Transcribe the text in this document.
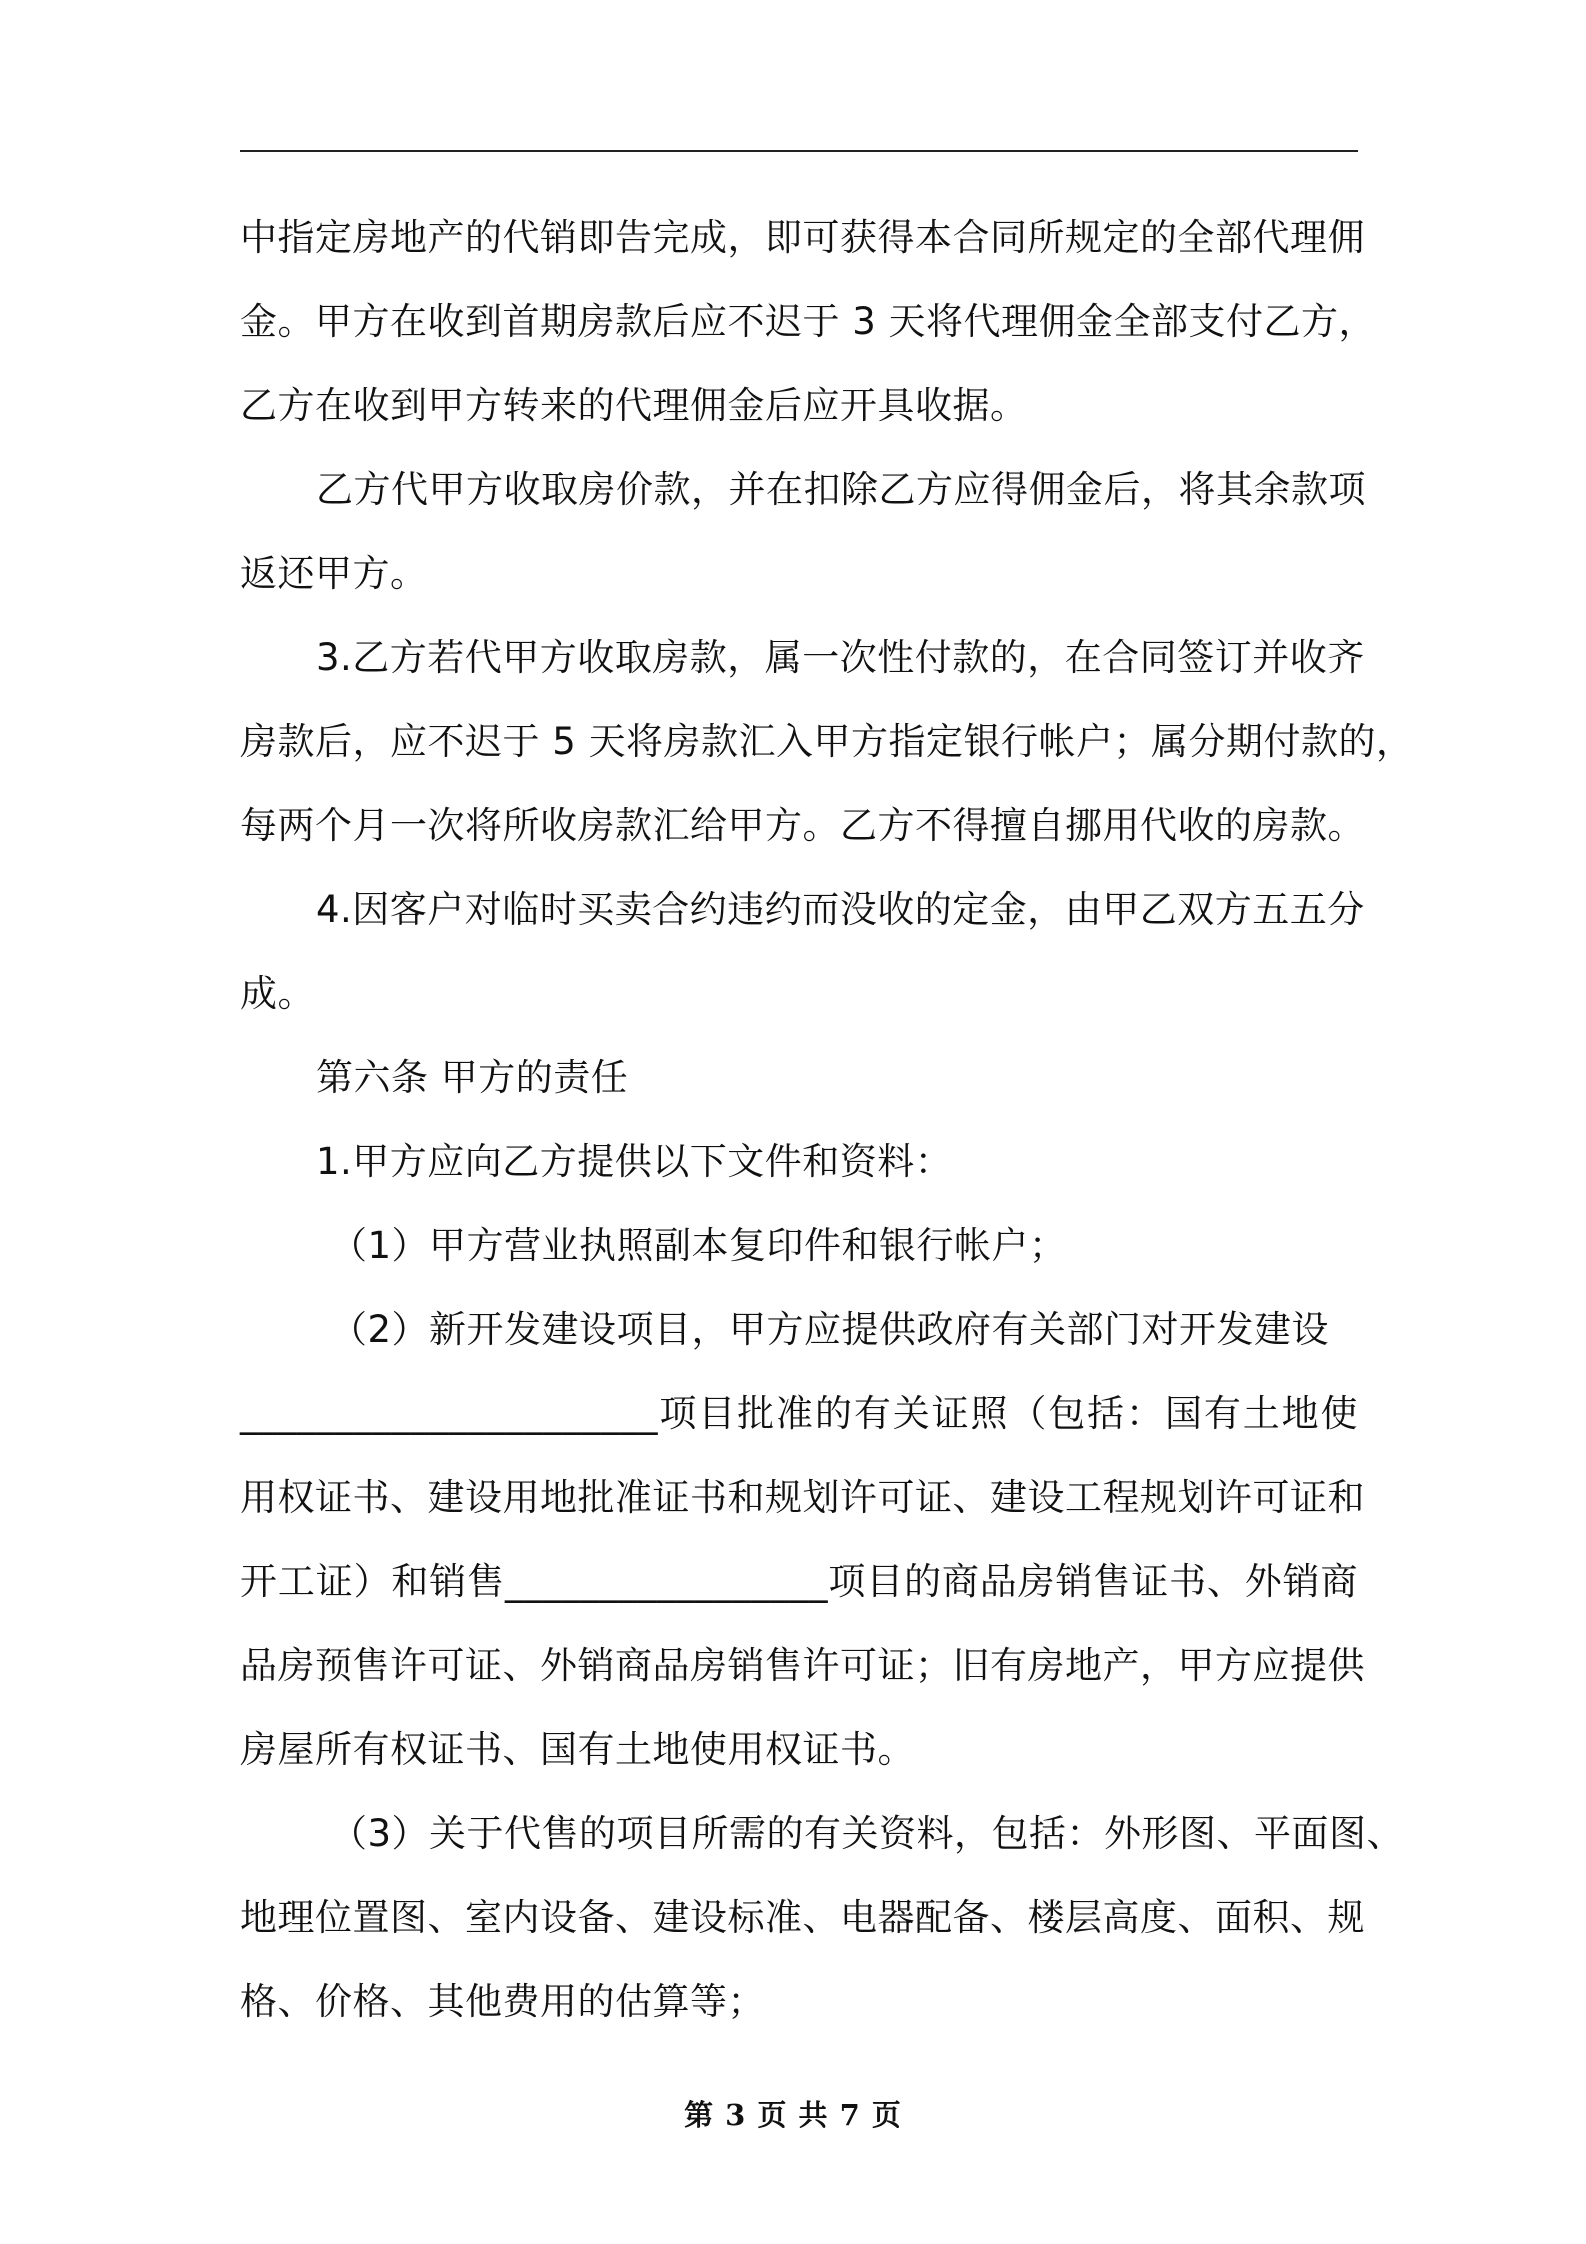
中指定房地产的代销即告完成，即可获得本合同所规定的全部代理佣
金。甲方在收到首期房款后应不迟于 3 天将代理佣金全部支付乙方，
乙方在收到甲方转来的代理佣金后应开具收据。
乙方代甲方收取房价款，并在扣除乙方应得佣金后，将其余款项
返还甲方。
3.乙方若代甲方收取房款，属一次性付款的，在合同签订并收齐
房款后，应不迟于 5 天将房款汇入甲方指定银行帐户；属分期付款的，
每两个月一次将所收房款汇给甲方。乙方不得擅自挪用代收的房款。
4.因客户对临时买卖合约违约而没收的定金，由甲乙双方五五分
成。
第六条 甲方的责任
1.甲方应向乙方提供以下文件和资料：
（1）甲方营业执照副本复印件和银行帐户；
（2）新开发建设项目，甲方应提供政府有关部门对开发建设
______________________项目批准的有关证照（包括：国有土地使
用权证书、建设用地批准证书和规划许可证、建设工程规划许可证和
开工证）和销售_________________项目的商品房销售证书、外销商
品房预售许可证、外销商品房销售许可证；旧有房地产，甲方应提供
房屋所有权证书、国有土地使用权证书。
（3）关于代售的项目所需的有关资料，包括：外形图、平面图、
地理位置图、室内设备、建设标准、电器配备、楼层高度、面积、规
格、价格、其他费用的估算等；
第 3 页 共 7 页
